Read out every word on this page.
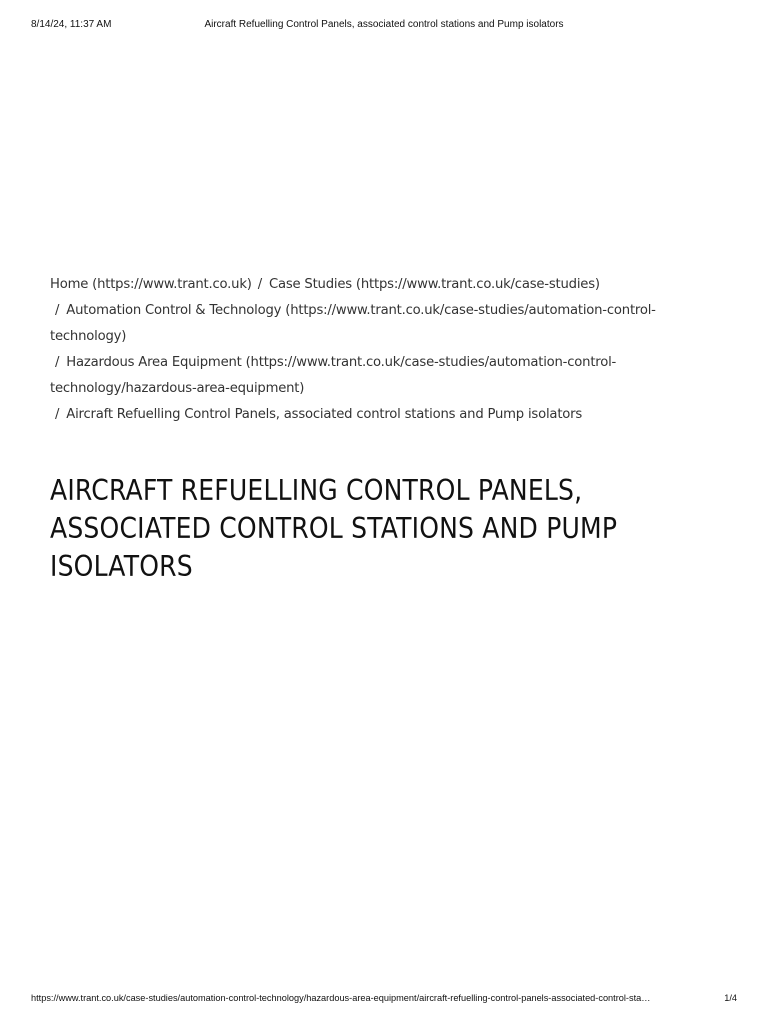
8/14/24, 11:37 AM	Aircraft Refuelling Control Panels, associated control stations and Pump isolators

Home (https://www.trant.co.uk) / Case Studies (https://www.trant.co.uk/case-studies)

/ Automation Control & Technology (https://www.trant.co.uk/case-studies/automation-control-

technology)

/ Hazardous Area Equipment (https://www.trant.co.uk/case-studies/automation-control-

technology/hazardous-area-equipment)

/ Aircraft Refuelling Control Panels, associated control stations and Pump isolators

AIRCRAFT REFUELLING CONTROL PANELS,
ASSOCIATED CONTROL STATIONS AND PUMP
ISOLATORS
https://www.trant.co.uk/case-studies/automation-control-technology/hazardous-area-equipment/aircraft-refuelling-control-panels-associated-control-sta…	1/4
